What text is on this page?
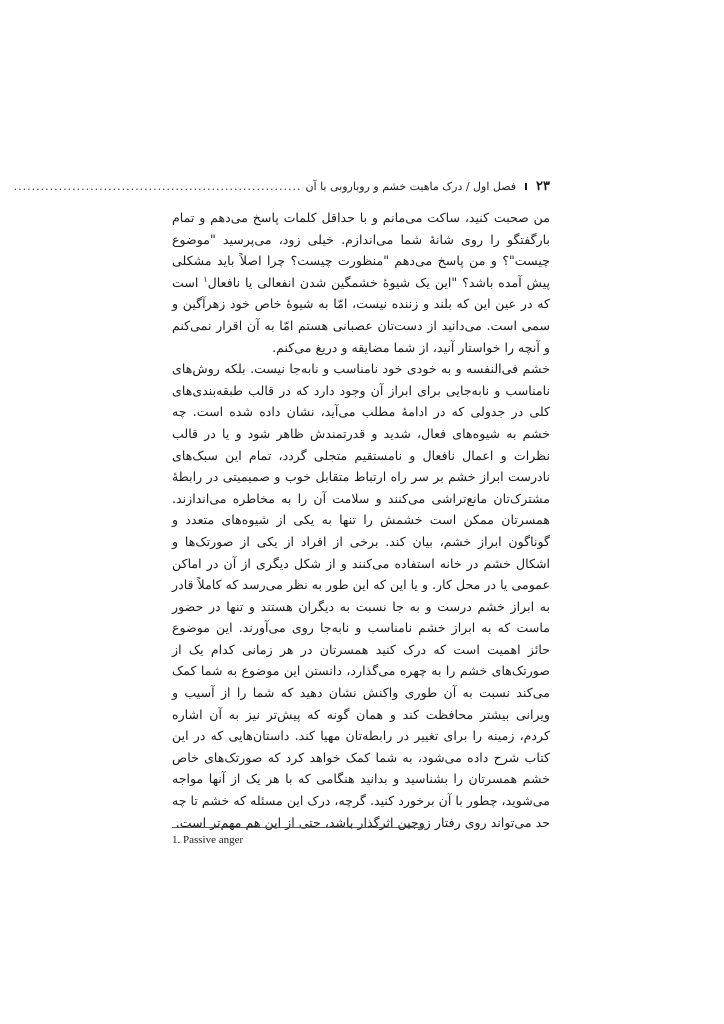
۲۳
فصل اول / درک ماهیت خشم و روباروبی با آن
................................................................

من صحبت کنید، ساکت می‌مانم و با حداقل کلمات پاسخ می‌دهم و تمام بارگفتگو را روی شانهٔ شما می‌اندازم. خیلی زود، می‌پرسید "موضوع چیست"؟ و من پاسخ می‌دهم "منظورت چیست؟ چرا اصلاً باید مشکلی پیش آمده باشد؟ "این یک شیوهٔ خشمگین شدن انفعالی یا نافعال$^۱$ است که در عین این که بلند و زننده نیست، امّا به شیوهٔ خاص خود زهرآگین و سمی است. می‌دانید از دست‌تان عصبانی هستم امّا به آن اقرار نمی‌کنم و آنچه را خواستار آنید، از شما مضایقه و دریغ می‌کنم.

خشم فی‌النفسه و به خودی خود نامناسب و نابه‌جا نیست. بلکه روش‌های نامناسب و نابه‌جایی برای ابراز آن وجود دارد که در قالب طبقه‌بندی‌های کلی در جدولی که در ادامهٔ مطلب می‌آید، نشان داده شده است. چه خشم به شیوه‌های فعال، شدید و قدرتمندش ظاهر شود و یا در قالب نظرات و اعمال نافعال و نامستقیم متجلی گردد، تمام این سبک‌های نادرست ابراز خشم بر سر راه ارتباط متقابل خوب و صمیمیتی در رابطهٔ مشترک‌تان مانع‌تراشی می‌کنند و سلامت آن را به مخاطره می‌اندازند. همسرتان ممکن است خشمش را تنها به یکی از شیوه‌های متعدد و گوناگون ابراز خشم، بیان کند. برخی از افراد از یکی از صورتک‌ها و اشکال خشم در خانه استفاده می‌کنند و از شکل دیگری از آن در اماکن عمومی یا در محل کار. و یا این که این طور به نظر می‌رسد که کاملاً قادر به ابراز خشم درست و به جا نسبت به دیگران هستند و تنها در حضور ماست که به ابراز خشم نامناسب و نابه‌جا روی می‌آورند. این موضوع حائز اهمیت است که درک کنید همسرتان در هر زمانی کدام یک از صورتک‌های خشم را به چهره می‌گذارد، دانستن این موضوع به شما کمک می‌کند نسبت به آن طوری واکنش نشان دهید که شما را از آسیب و ویرانی بیشتر محافظت کند و همان گونه که پیش‌تر نیز به آن اشاره کردم، زمینه را برای تغییر در رابطه‌تان مهیا کند. داستان‌هایی که در این کتاب شرح داده می‌شود، به شما کمک خواهد کرد که صورتک‌های خاص خشم همسرتان را بشناسید و بدانید هنگامی که با هر یک از آنها مواجه می‌شوید، چطور با آن برخورد کنید. گرچه، درک این مسئله که خشم تا چه حد می‌تواند روی رفتار زوجین اثرگذار باشد، حتی از این هم مهم‌تر است.

1. Passive anger
